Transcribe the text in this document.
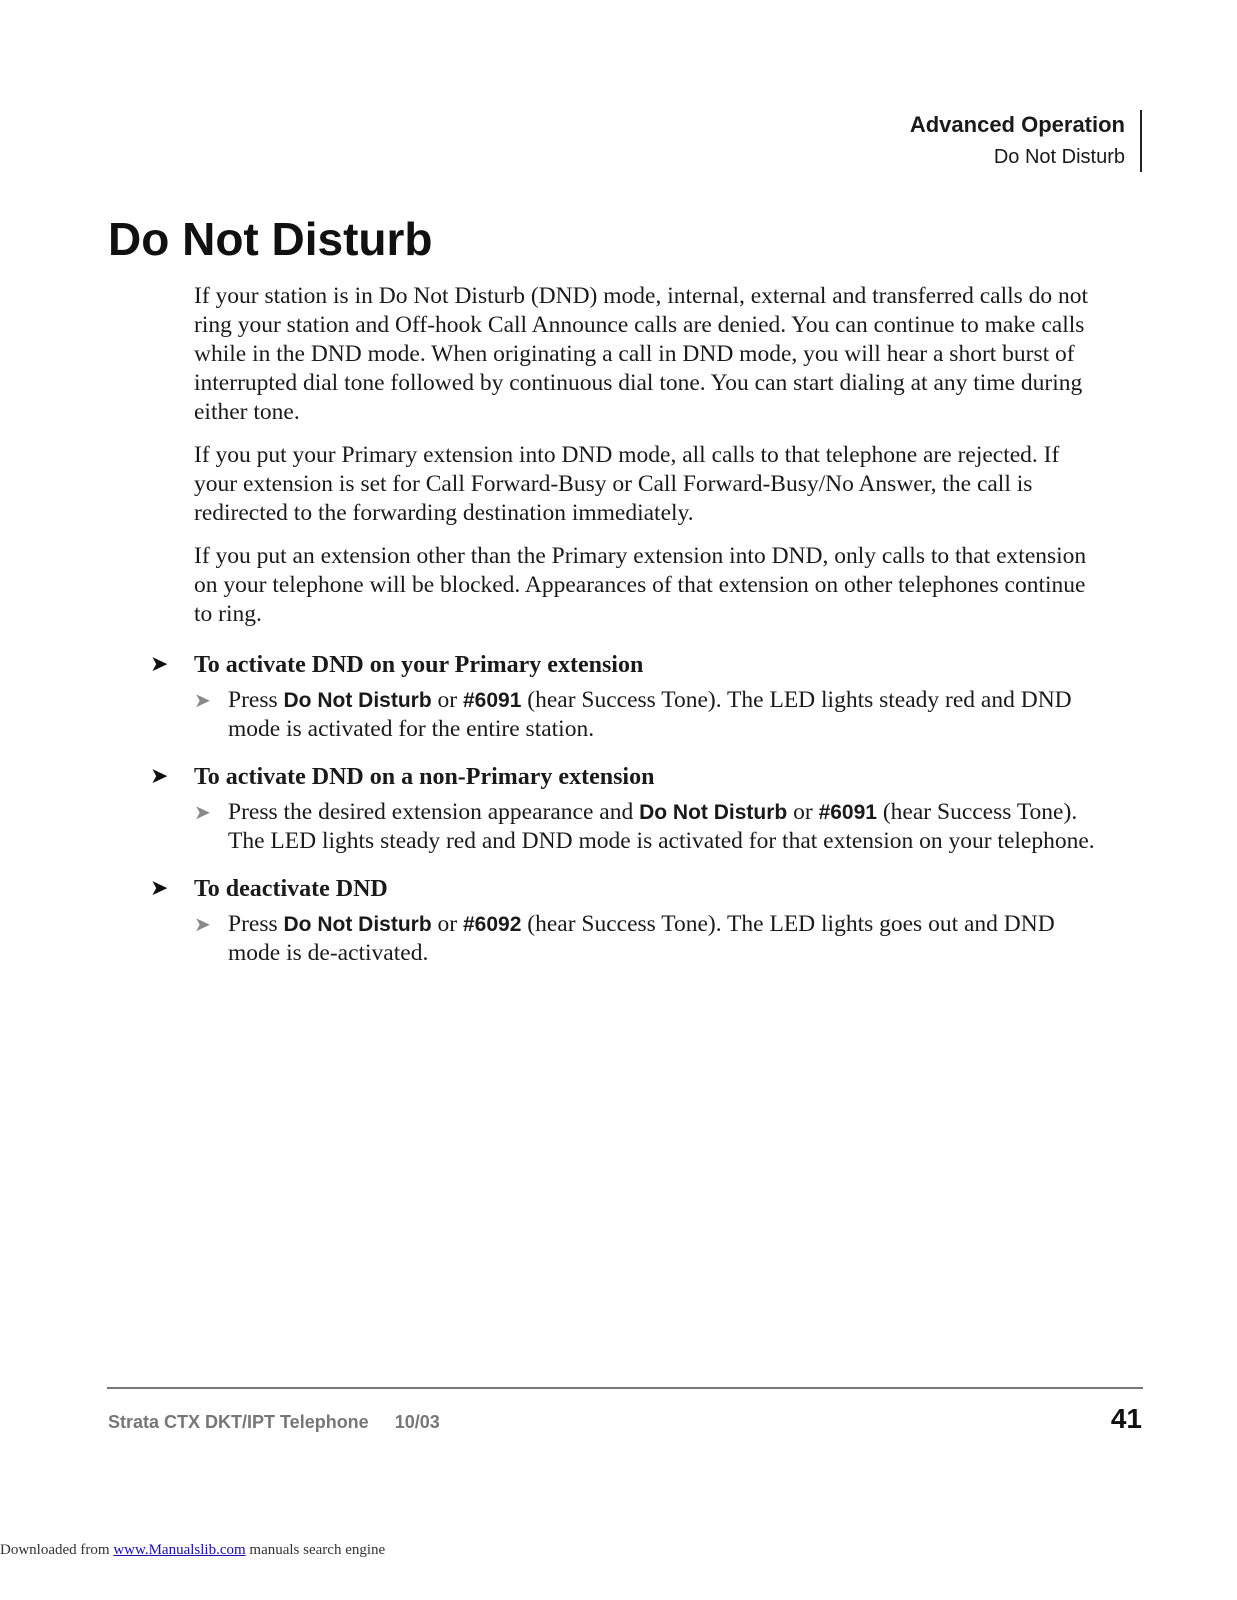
Advanced Operation
Do Not Disturb
Do Not Disturb

If your station is in Do Not Disturb (DND) mode, internal, external and transferred calls do not ring your station and Off-hook Call Announce calls are denied. You can continue to make calls while in the DND mode. When originating a call in DND mode, you will hear a short burst of interrupted dial tone followed by continuous dial tone. You can start dialing at any time during either tone.

If you put your Primary extension into DND mode, all calls to that telephone are rejected. If your extension is set for Call Forward-Busy or Call Forward-Busy/No Answer, the call is redirected to the forwarding destination immediately.

If you put an extension other than the Primary extension into DND, only calls to that extension on your telephone will be blocked. Appearances of that extension on other telephones continue to ring.

➤	To activate DND on your Primary extension
➤ Press Do Not Disturb or #6091 (hear Success Tone). The LED lights steady red and DND mode is activated for the entire station.
➤	To activate DND on a non-Primary extension
➤ Press the desired extension appearance and Do Not Disturb or #6091 (hear Success Tone). The LED lights steady red and DND mode is activated for that extension on your telephone.
➤	To deactivate DND
➤ Press Do Not Disturb or #6092 (hear Success Tone). The LED lights goes out and DND mode is de-activated.
Strata CTX DKT/IPT Telephone 10/03	41
Downloaded from www.Manualslib.com manuals search engine
